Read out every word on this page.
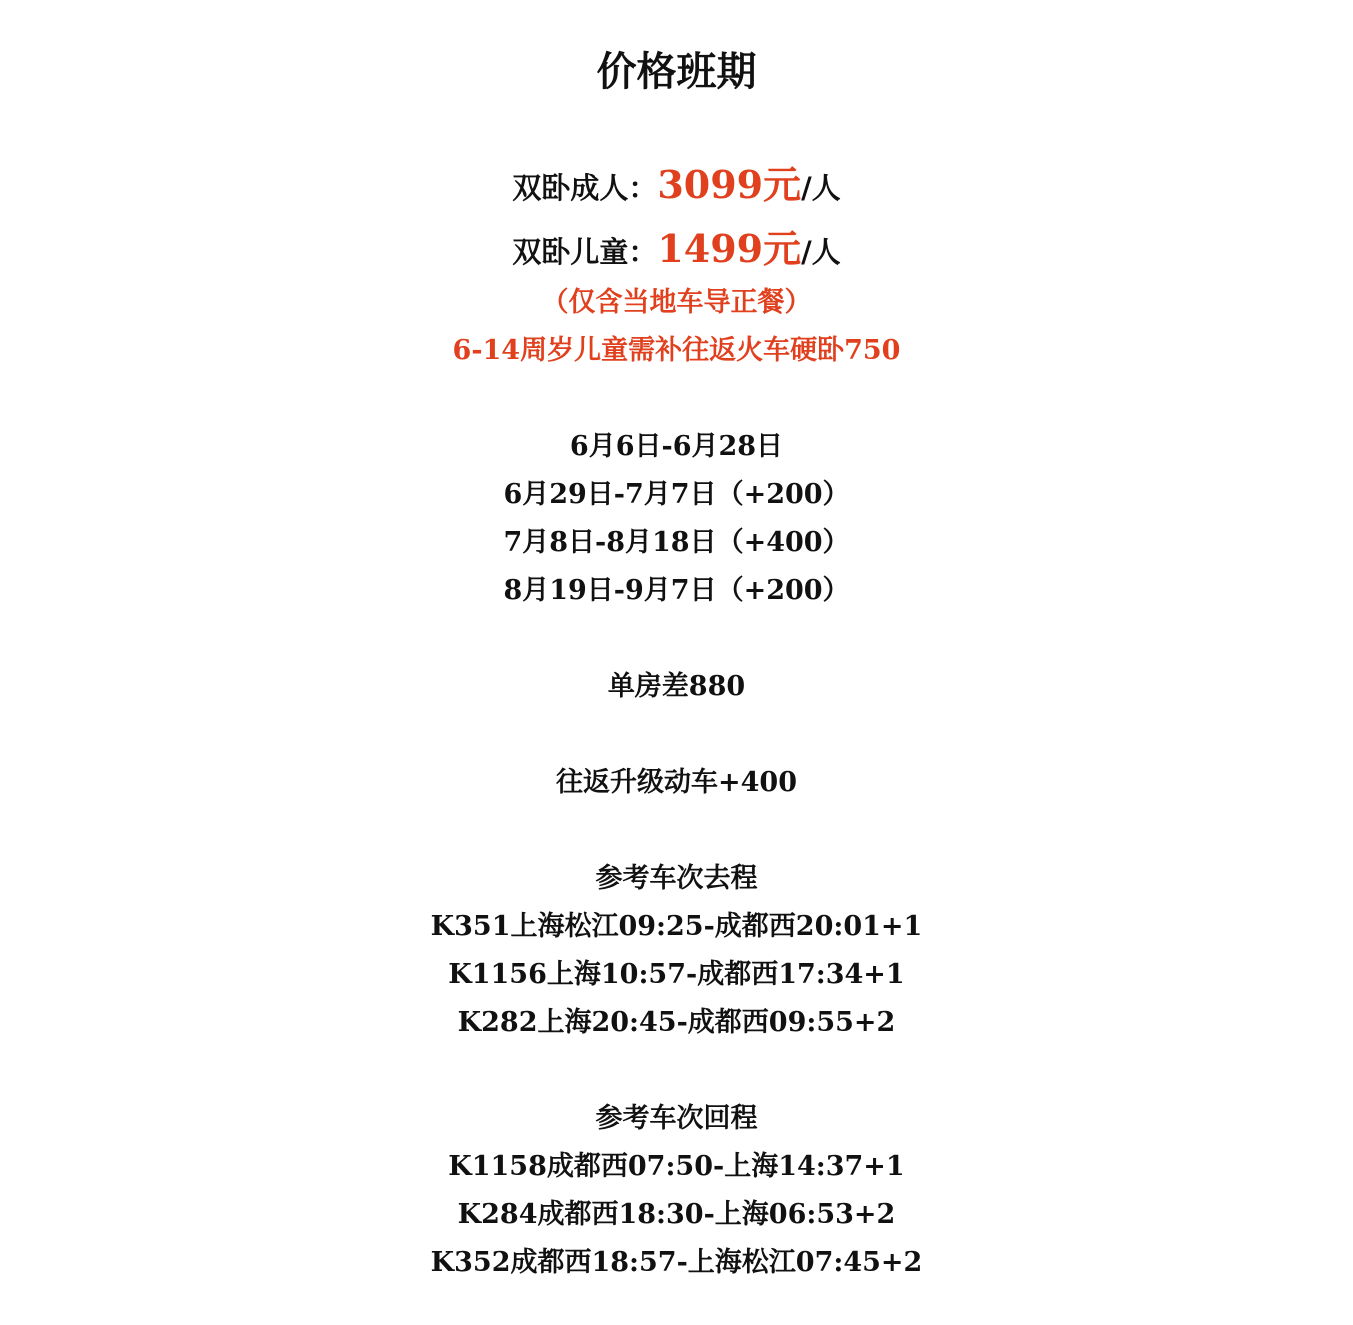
价格班期
双卧成人：3099元/人
双卧儿童：1499元/人
（仅含当地车导正餐）
6-14周岁儿童需补往返火车硬卧750
6月6日-6月28日
6月29日-7月7日（+200）
7月8日-8月18日（+400）
8月19日-9月7日（+200）
单房差880
往返升级动车+400
参考车次去程
K351上海松江09:25-成都西20:01+1
K1156上海10:57-成都西17:34+1
K282上海20:45-成都西09:55+2
参考车次回程
K1158成都西07:50-上海14:37+1
K284成都西18:30-上海06:53+2
K352成都西18:57-上海松江07:45+2
